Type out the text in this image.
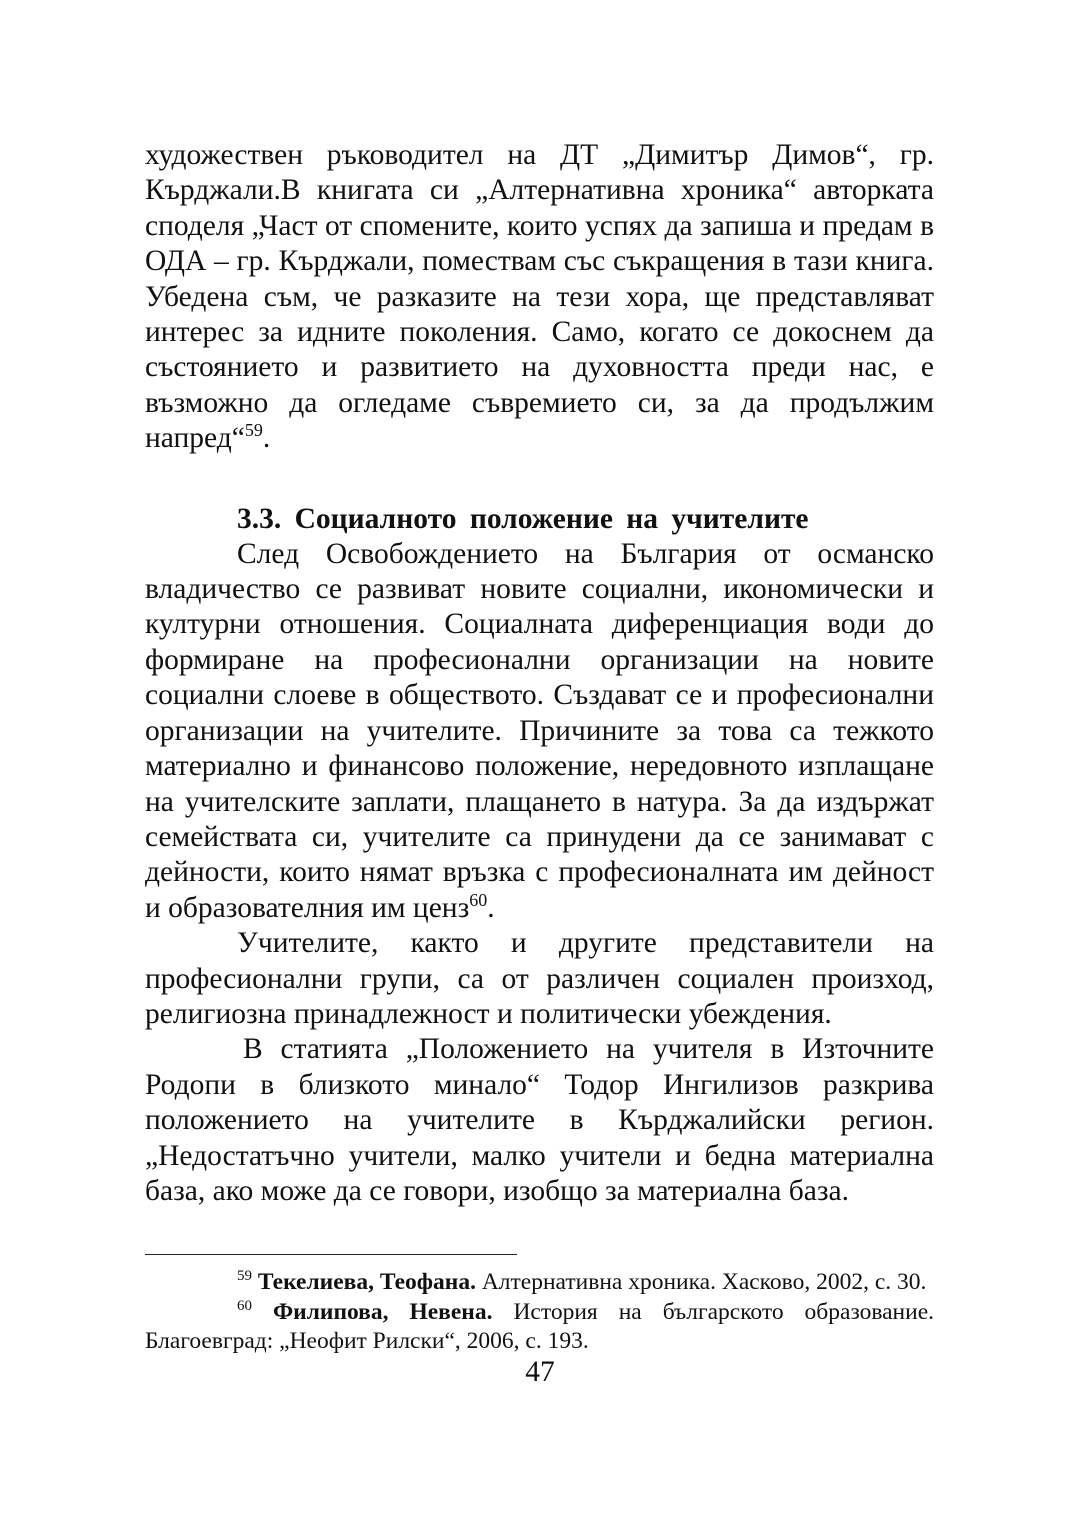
художествен ръководител на ДТ „Димитър Димов“, гр. Кърджали.В книгата си „Алтернативна хроника“ авторката споделя „Част от спомените, които успях да запиша и предам в ОДА – гр. Кърджали, помествам със съкращения в тази книга. Убедена съм, че разказите на тези хора, ще представляват интерес за идните поколения. Само, когато се докоснем да състоянието и развитието на духовността преди нас, е възможно да огледаме съвремието си, за да продължим напред“$^{59}$.

3.3. Социалното положение на учителите

След Освобождението на България от османско владичество се развиват новите социални, икономически и културни отношения. Социалната диференциация води до формиране на професионални организации на новите социални слоеве в обществото. Създават се и професионални организации на учителите. Причините за това са тежкото материално и финансово положение, нередовното изплащане на учителските заплати, плащането в натура. За да издържат семействата си, учителите са принудени да се занимават с дейности, които нямат връзка с професионалната им дейност и образователния им ценз$^{60}$.

Учителите, както и другите представители на професионални групи, са от различен социален произход, религиозна принадлежност и политически убеждения.

В статията „Положението на учителя в Източните Родопи в близкото минало“ Тодор Ингилизов разкрива положението на учителите в Кърджалийски регион. „Недостатъчно учители, малко учители и бедна материална база, ако може да се говори, изобщо за материална база.

$^{59}$ Текелиева, Теофана. Алтернативна хроника. Хасково, 2002, с. 30.

$^{60}$ Филипова, Невена. История на българското образование. Благоевград: „Неофит Рилски“, 2006, с. 193.

47
